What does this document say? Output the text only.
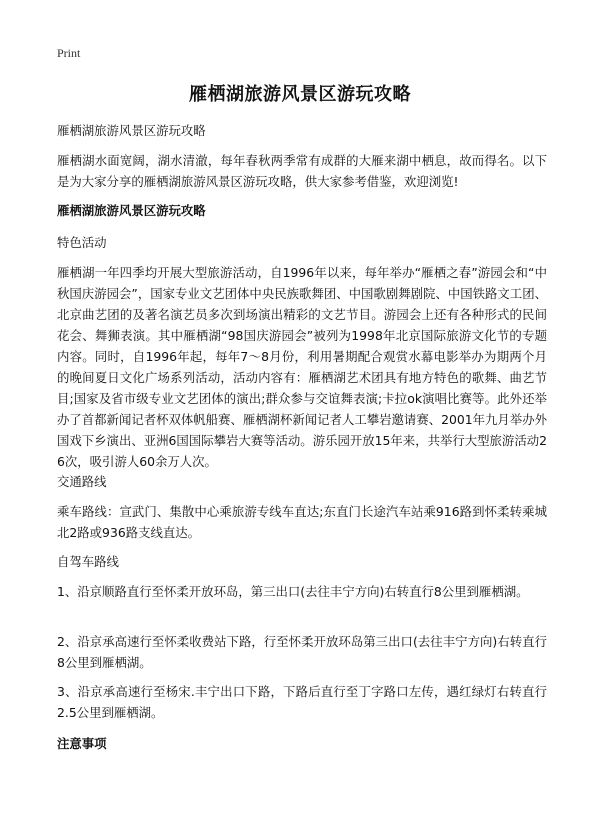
Print
雁栖湖旅游风景区游玩攻略
雁栖湖旅游风景区游玩攻略
雁栖湖水面宽阔，湖水清澈，每年春秋两季常有成群的大雁来湖中栖息，故而得名。以下是为大家分享的雁栖湖旅游风景区游玩攻略，供大家参考借鉴，欢迎浏览!
雁栖湖旅游风景区游玩攻略
特色活动
雁栖湖一年四季均开展大型旅游活动，自1996年以来，每年举办“雁栖之春”游园会和“中秋国庆游园会”，国家专业文艺团体中央民族歌舞团、中国歌剧舞剧院、中国铁路文工团、北京曲艺团的及著名演艺员多次到场演出精彩的文艺节目。游园会上还有各种形式的民间花会、舞狮表演。其中雁栖湖“98国庆游园会”被列为1998年北京国际旅游文化节的专题内容。同时，自1996年起，每年7～8月份，利用暑期配合观赏水幕电影举办为期两个月的晚间夏日文化广场系列活动，活动内容有：雁栖湖艺术团具有地方特色的歌舞、曲艺节目;国家及省市级专业文艺团体的演出;群众参与交谊舞表演;卡拉ok演唱比赛等。此外还举办了首都新闻记者杯双体帆船赛、雁栖湖杯新闻记者人工攀岩邀请赛、2001年九月举办外国戏下乡演出、亚洲6国国际攀岩大赛等活动。游乐园开放15年来，共举行大型旅游活动26次，吸引游人60余万人次。
交通路线
乘车路线：宣武门、集散中心乘旅游专线车直达;东直门长途汽车站乘916路到怀柔转乘城北2路或936路支线直达。
自驾车路线
1、沿京顺路直行至怀柔开放环岛，第三出口(去往丰宁方向)右转直行8公里到雁栖湖。
2、沿京承高速行至怀柔收费站下路，行至怀柔开放环岛第三出口(去往丰宁方向)右转直行8公里到雁栖湖。
3、沿京承高速行至杨宋.丰宁出口下路，下路后直行至丁字路口左传，遇红绿灯右转直行2.5公里到雁栖湖。
注意事项
